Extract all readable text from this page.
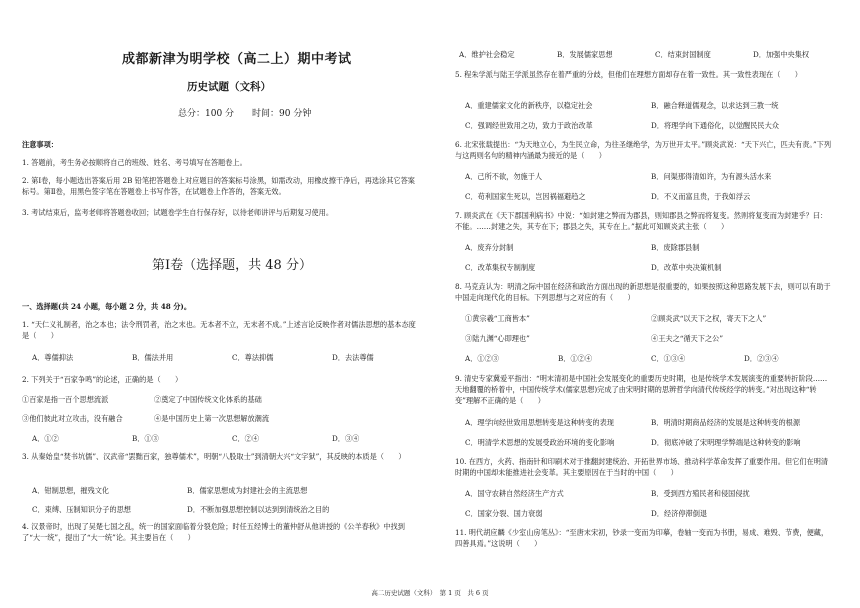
成都新津为明学校（高二上）期中考试
历史试题（文科）
总分：100 分　　时间：90 分钟
注意事项：
1. 答题前，考生务必按顺将自己的班级、姓名、考号填写在答题卷上。
2. 第Ⅰ卷，每小题选出答案后用 2B 铅笔把答题卷上对应题目的答案标号涂黑，如需改动，用橡皮擦干净后，再选涂其它答案标号。第Ⅱ卷，用黑色签字笔在答题卷上书写作答，在试题卷上作答的，答案无效。
3. 考试结束后，监考老师将答题卷收回；试题卷学生自行保存好，以待老师讲评与后期复习使用。
第Ⅰ卷（选择题，共 48 分）
一、选择题(共 24 小题，每小题 2 分，共 48 分)。
1. “天仁义礼制者，治之本也；法令刑罚者，治之末也。无本者不立，无末者不成。”上述言论反映作者对儒法思想的基本态度是（　　）
A．尊儒抑法	B．儒法并用	C．尊法抑儒	D．去法尊儒
2. 下列关于“百家争鸣”的论述，正确的是（　　）
①百家是指一百个思想流派	②奠定了中国传统文化体系的基础
③他们彼此对立攻击，没有融合	④是中国历史上第一次思想解放潮流
A．①②	B．①③	C．②④	D．③④
3. 从秦始皇“焚书坑儒”、汉武帝“罢黜百家，独尊儒术”，明朝“八股取士”到清朝大兴“文字狱”，其反映的本质是（　　）
A．钳制思想，摧残文化	B．儒家思想成为封建社会的主流思想
C．束缚、压制知识分子的思想	D．不断加强思想控制以达到到清统治之目的
4. 汉景帝时，出现了吴楚七国之乱，统一的国家面临着分裂危险；时任五经博士的董仲舒从他讲授的《公羊春秋》中找到了“大一统”，提出了“大一统”论。其主要旨在（　　）
A．维护社会稳定	B．发展儒家思想	C．结束封国制度	D．加强中央集权
5. 程朱学派与陆王学派虽然存在着严重的分歧，但他们在理想方面却存在着一致性。其一致性表现在（　　）
A．重建儒家文化的新秩序，以稳定社会	B．融合释道儒观念，以求达到三教一统
C．强调经世致用之功，致力于政治改革	D．将理学向下通俗化，以觉醒民民大众
6. 北宋张载提出：“为天地立心，为生民立命，为往圣继绝学，为万世开太平。”顾炎武说：“天下兴亡，匹夫有责。”下列与这两则名句的精神内涵最为接近的是（　　）
A．己所不欲，勿施于人	B．问渠那得清如许，为有源头活水来
C．苟利国家生死以，岂因祸福避趋之	D．不义而富且贵，于我如浮云
7. 顾炎武在《天下郡国利病书》中说：“如封建之弊而为郡县，则知郡县之弊而将复变。然则将复变而为封建乎？曰：不能。……封建之失，其专在下；郡县之失，其专在上。”据此可知顾炎武主张（　　）
A．废弃分封制	B．废除郡县制
C．改革集权专制制度	D．改革中央决策机制
8. 马克垚认为：明清之际中国在经济和政治方面出现的新思想是很重要的，如果按照这种思路发展下去，则可以有助于中国走向现代化的目标。下列思想与之对应的有（　　）
①黄宗羲“工商皆本”	②顾炎武“以天下之权，寄天下之人”
③陆九渊“心即理也”	④王夫之“循天下之公”
A．①②③	B．①②④	C．①③④	D．②③④
9. 清史专家冀爱平指出：“明末清初是中国社会发展变化的重要历史时期，也是传统学术发展演变的重要转折阶段……天地翻覆的桥着中，中国传统学术(儒家思想)完成了由宋明时期的思辨哲学向清代传统经学的转变。”对出现这种“转变”理解不正确的是（　　）
A．理学向经世致用思想转变是这种转变的表现	B．明清时期商品经济的发展是这种转变的根源
C．明清学术思想的发展受政治环境的变化影响	D．彻底冲破了宋明理学弊端是这种转变的影响
10. 在西方，火药、指南针和印刷术对于推翻封建统治、开拓世界市场、推动科学革命发挥了重要作用。但它们在明清时期的中国却未能推进社会变革。其主要原因在于当时的中国（　　）
A．国守农耕自然经济生产方式	B．受到西方殖民者和侵国侵扰
C．国家分裂、国力衰弱	D．经济停滞倒退
11. 明代胡应麟《少室山房笔丛》：“至唐末宋初，钞录一变而为印摹，卷轴一变而为书册，易成、难毁、节费，便藏，四善具焉。”这说明（　　）
高二历史试题（文科）　第 1 页　共 6 页
